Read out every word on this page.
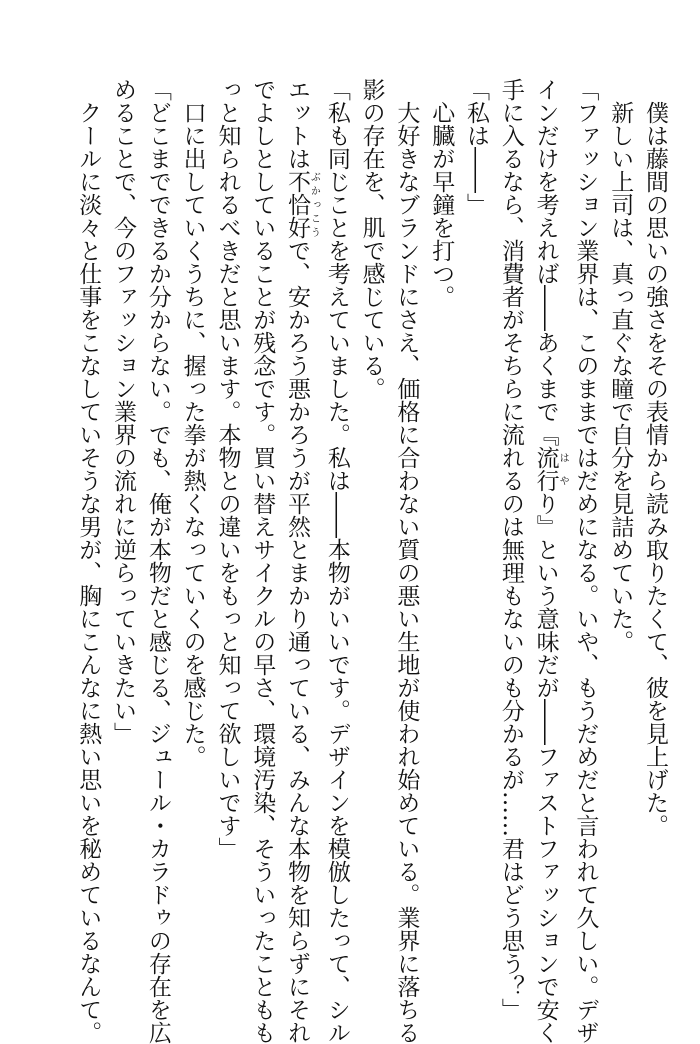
僕は藤間の思いの強さをその表情から読み取りたくて、彼を見上げた。
新しい上司は、真っ直ぐな瞳で自分を見詰めていた。
「ファッション業界は、このままではだめになる。いや、もうだめだと言われて久しい。デザ
インだけを考えれば――あくまで『流行はやり』という意味だが――ファストファッションで安く
手に入るなら、消費者がそちらに流れるのは無理もないのも分かるが……君はどう思う？」
「私は――」
心臓が早鐘を打つ。
大好きなブランドにさえ、価格に合わない質の悪い生地が使われ始めている。業界に落ちる
影の存在を、肌で感じている。
「私も同じことを考えていました。私は――本物がいいです。デザインを模倣したって、シル
エットは不恰好ぶかっこうで、安かろう悪かろうが平然とまかり通っている、みんな本物を知らずにそれ
でよしとしていることが残念です。買い替えサイクルの早さ、環境汚染、そういったこともも
っと知られるべきだと思います。本物との違いをもっと知って欲しいです」
口に出していくうちに、握った拳が熱くなっていくのを感じた。
「どこまでできるか分からない。でも、俺が本物だと感じる、ジュール・カラドゥの存在を広
めることで、今のファッション業界の流れに逆らっていきたい」
クールに淡々と仕事をこなしていそうな男が、胸にこんなに熱い思いを秘めているなんて。
